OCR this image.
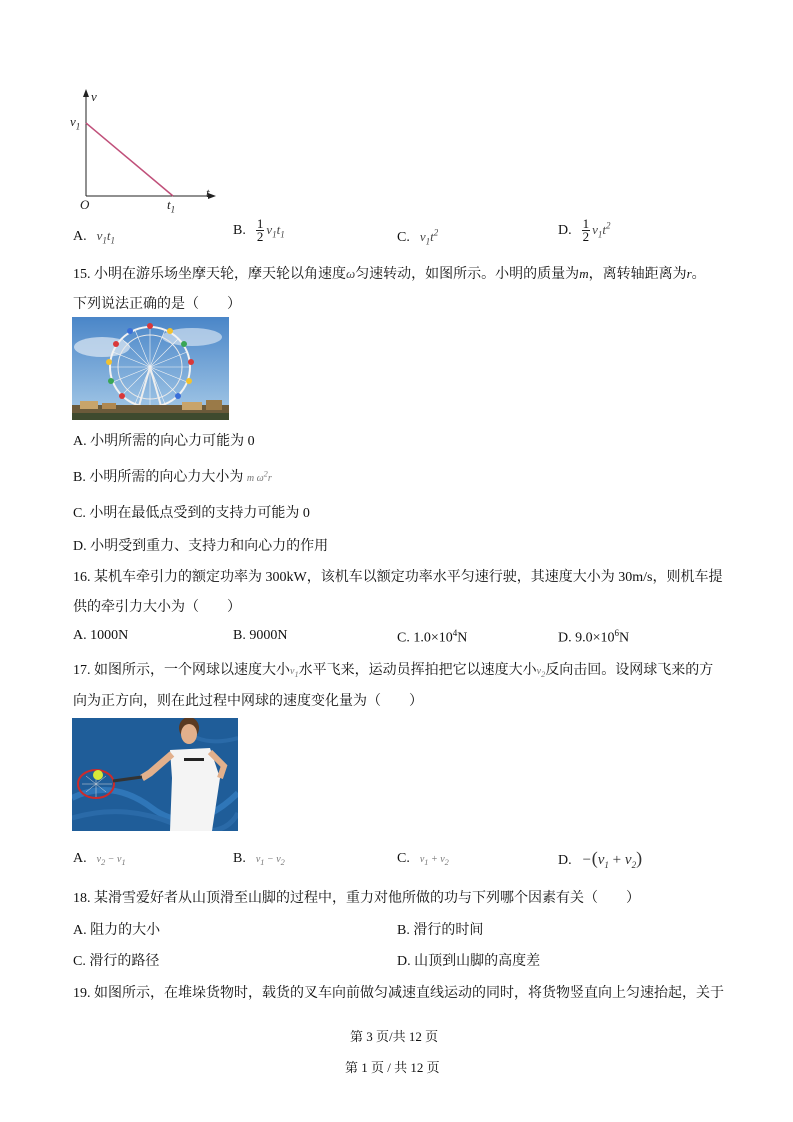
v
t
O
$v_1$
$t_1$
A. $v_1t_1$
B. $\frac{1}{2} v_1t_1$	C. $v_1t^2$	D. $\frac{1}{2} v_1t^2$
15. 小明在游乐场坐摩天轮，摩天轮以角速度ω匀速转动，如图所示。小明的质量为m，离转轴距离为r。
下列说法正确的是（　　）
A. 小明所需的向心力可能为 0
B. 小明所需的向心力大小为 m $\omega^2r$
C. 小明在最低点受到的支持力可能为 0
D. 小明受到重力、支持力和向心力的作用
16. 某机车牵引力的额定功率为 300kW，该机车以额定功率水平匀速行驶，其速度大小为 30m/s，则机车提
供的牵引力大小为（　　）
A. 1000N	B. 9000N	C. $1.0\times 10^4N$	D. $9.0\times 10^6N$
17. 如图所示，一个网球以速度大小$v_1$水平飞来，运动员挥拍把它以速度大小$v_2$反向击回。设网球飞来的方
向为正方向，则在此过程中网球的速度变化量为（　　）
A. $v_2 - v_1$	B. $v_1 - v_2$	C. $v_1 + v_2$	D. $-(v_1 + v_2)$
18. 某滑雪爱好者从山顶滑至山脚的过程中，重力对他所做的功与下列哪个因素有关（　　）
A. 阻力的大小	B. 滑行的时间
C. 滑行的路径	D. 山顶到山脚的高度差
19. 如图所示，在堆垛货物时，载货的叉车向前做匀减速直线运动的同时，将货物竖直向上匀速抬起，关于
第 3 页/共 12 页
第 1 页 / 共 12 页
